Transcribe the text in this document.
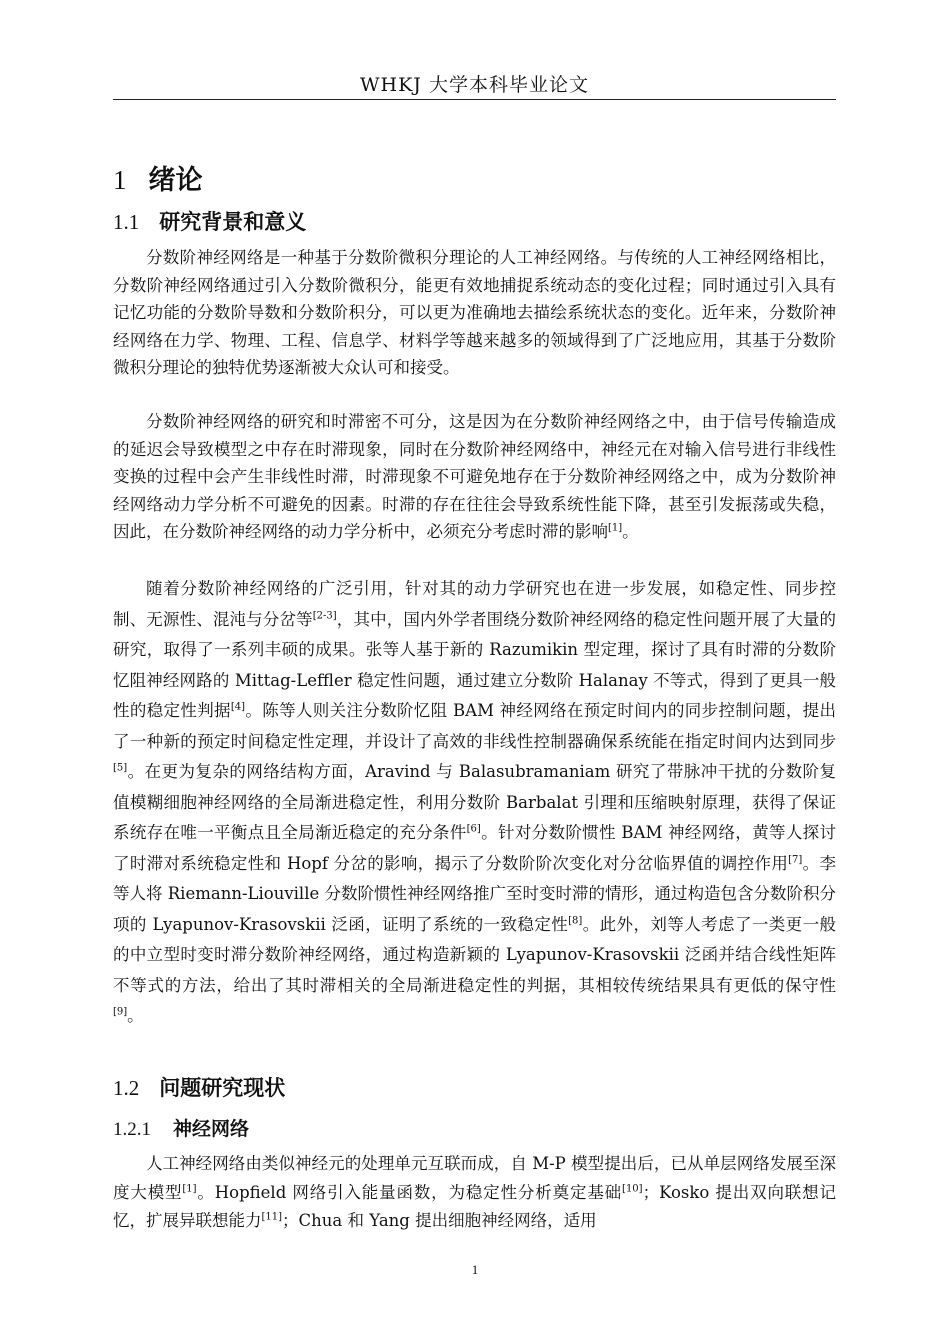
WHKJ 大学本科毕业论文
1 绪论
1.1 研究背景和意义

分数阶神经网络是一种基于分数阶微积分理论的人工神经网络。与传统的人工神经网络相比，分数阶神经网络通过引入分数阶微积分，能更有效地捕捉系统动态的变化过程；同时通过引入具有记忆功能的分数阶导数和分数阶积分，可以更为准确地去描绘系统状态的变化。近年来，分数阶神经网络在力学、物理、工程、信息学、材料学等越来越多的领域得到了广泛地应用，其基于分数阶微积分理论的独特优势逐渐被大众认可和接受。

分数阶神经网络的研究和时滞密不可分，这是因为在分数阶神经网络之中，由于信号传输造成的延迟会导致模型之中存在时滞现象，同时在分数阶神经网络中，神经元在对输入信号进行非线性变换的过程中会产生非线性时滞，时滞现象不可避免地存在于分数阶神经网络之中，成为分数阶神经网络动力学分析不可避免的因素。时滞的存在往往会导致系统性能下降，甚至引发振荡或失稳，因此，在分数阶神经网络的动力学分析中，必须充分考虑时滞的影响[1]。

随着分数阶神经网络的广泛引用，针对其的动力学研究也在进一步发展，如稳定性、同步控制、无源性、混沌与分岔等[2-3]，其中，国内外学者围绕分数阶神经网络的稳定性问题开展了大量的研究，取得了一系列丰硕的成果。张等人基于新的 Razumikin 型定理，探讨了具有时滞的分数阶忆阻神经网路的 Mittag-Leffler 稳定性问题，通过建立分数阶 Halanay 不等式，得到了更具一般性的稳定性判据[4]。陈等人则关注分数阶忆阻 BAM 神经网络在预定时间内的同步控制问题，提出了一种新的预定时间稳定性定理，并设计了高效的非线性控制器确保系统能在指定时间内达到同步[5]。在更为复杂的网络结构方面，Aravind 与 Balasubramaniam 研究了带脉冲干扰的分数阶复值模糊细胞神经网络的全局渐进稳定性，利用分数阶 Barbalat 引理和压缩映射原理，获得了保证系统存在唯一平衡点且全局渐近稳定的充分条件[6]。针对分数阶惯性 BAM 神经网络，黄等人探讨了时滞对系统稳定性和 Hopf 分岔的影响，揭示了分数阶阶次变化对分岔临界值的调控作用[7]。李等人将 Riemann-Liouville 分数阶惯性神经网络推广至时变时滞的情形，通过构造包含分数阶积分项的 Lyapunov-Krasovskii 泛函，证明了系统的一致稳定性[8]。此外，刘等人考虑了一类更一般的中立型时变时滞分数阶神经网络，通过构造新颖的 Lyapunov-Krasovskii 泛函并结合线性矩阵不等式的方法，给出了其时滞相关的全局渐进稳定性的判据，其相较传统结果具有更低的保守性[9]。

1.2 问题研究现状
1.2.1 神经网络

人工神经网络由类似神经元的处理单元互联而成，自 M-P 模型提出后，已从单层网络发展至深度大模型[1]。Hopfield 网络引入能量函数，为稳定性分析奠定基础[10]；Kosko 提出双向联想记忆，扩展异联想能力[11]；Chua 和 Yang 提出细胞神经网络，适用

1
